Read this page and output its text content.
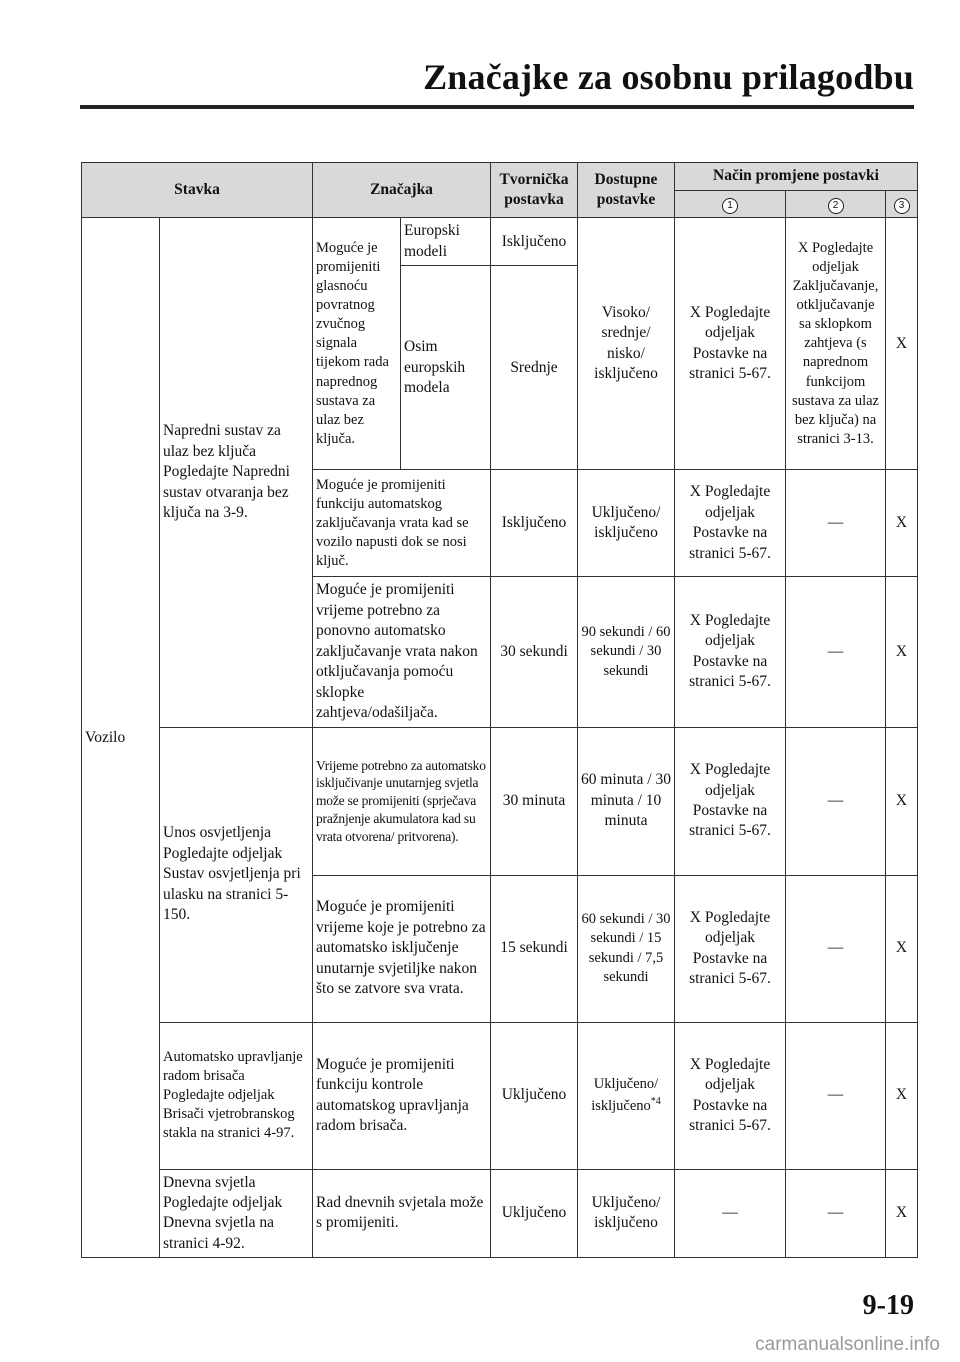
Značajke za osobnu prilagodbu
Stavka		Značajka		Tvornička postavka	Dostupne postavke	Način promjene postavki		
						1	2	3
Vozilo	Napredni sustav za ulaz bez ključa Pogledajte Napredni sustav otvaranja bez ključa na 3-9.	Moguće je promijeniti glasnoću povratnog zvučnog signala tijekom rada naprednog sustava za ulaz bez ključa.	Europski modeli	Isključeno	Visoko/ srednje/ nisko/ isključeno	X Pogledajte odjeljak Postavke na stranici 5-67.	X Pogledajte odjeljak Zaključavanje, otključavanje sa sklopkom zahtjeva (s naprednom funkcijom sustava za ulaz bez ključa) na stranici 3-13.	X
			Osim europskih modela	Srednje				
		Moguće je promijeniti funkciju automatskog zaključavanja vrata kad se vozilo napusti dok se nosi ključ.		Isključeno	Uključeno/ isključeno	X Pogledajte odjeljak Postavke na stranici 5-67.	—	X
		Moguće je promijeniti vrijeme potrebno za ponovno automatsko zaključavanje vrata nakon otključavanja pomoću sklopke zahtjeva/odašiljača.		30 sekundi	90 sekundi / 60 sekundi / 30 sekundi	X Pogledajte odjeljak Postavke na stranici 5-67.	—	X
	Unos osvjetljenja Pogledajte odjeljak Sustav osvjetljenja pri ulasku na stranici 5-150.	Vrijeme potrebno za automatsko isključivanje unutarnjeg svjetla može se promijeniti (sprječava pražnjenje akumulatora kad su vrata otvorena/ pritvorena).		30 minuta	60 minuta / 30 minuta / 10 minuta	X Pogledajte odjeljak Postavke na stranici 5-67.	—	X
		Moguće je promijeniti vrijeme koje je potrebno za automatsko isključenje unutarnje svjetiljke nakon što se zatvore sva vrata.		15 sekundi	60 sekundi / 30 sekundi / 15 sekundi / 7,5 sekundi	X Pogledajte odjeljak Postavke na stranici 5-67.	—	X
	Automatsko upravljanje radom brisača Pogledajte odjeljak Brisači vjetrobranskog stakla na stranici 4-97.	Moguće je promijeniti funkciju kontrole automatskog upravljanja radom brisača.		Uključeno	Uključeno/ isključeno$^{*4}$	X Pogledajte odjeljak Postavke na stranici 5-67.	—	X
	Dnevna svjetla Pogledajte odjeljak Dnevna svjetla na stranici 4-92.	Rad dnevnih svjetala može s promijeniti.		Uključeno	Uključeno/ isključeno	—	—	X
9-19
carmanualsonline.info
